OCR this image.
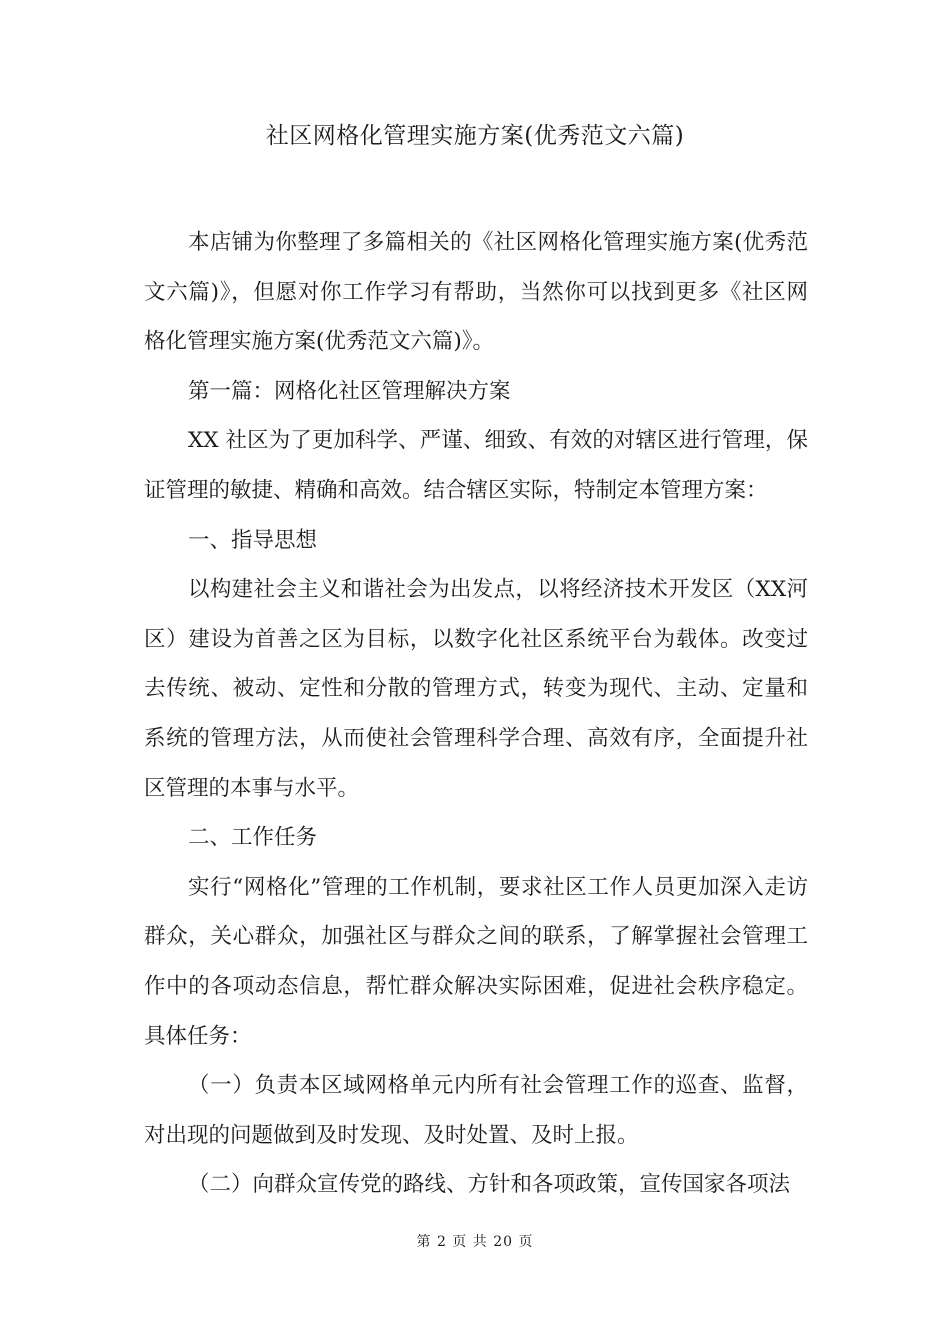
社区网格化管理实施方案(优秀范文六篇)

本店铺为你整理了多篇相关的《社区网格化管理实施方案(优秀范文六篇)》，但愿对你工作学习有帮助，当然你可以找到更多《社区网格化管理实施方案(优秀范文六篇)》。

第一篇：网格化社区管理解决方案

XX 社区为了更加科学、严谨、细致、有效的对辖区进行管理，保证管理的敏捷、精确和高效。结合辖区实际，特制定本管理方案：

一、指导思想

以构建社会主义和谐社会为出发点，以将经济技术开发区（XX河区）建设为首善之区为目标，以数字化社区系统平台为载体。改变过去传统、被动、定性和分散的管理方式，转变为现代、主动、定量和系统的管理方法，从而使社会管理科学合理、高效有序，全面提升社区管理的本事与水平。

二、工作任务

实行“网格化”管理的工作机制，要求社区工作人员更加深入走访群众，关心群众，加强社区与群众之间的联系，了解掌握社会管理工作中的各项动态信息，帮忙群众解决实际困难，促进社会秩序稳定。具体任务：

（一）负责本区域网格单元内所有社会管理工作的巡查、监督，对出现的问题做到及时发现、及时处置、及时上报。

（二）向群众宣传党的路线、方针和各项政策，宣传国家各项法

第 2 页 共 20 页
